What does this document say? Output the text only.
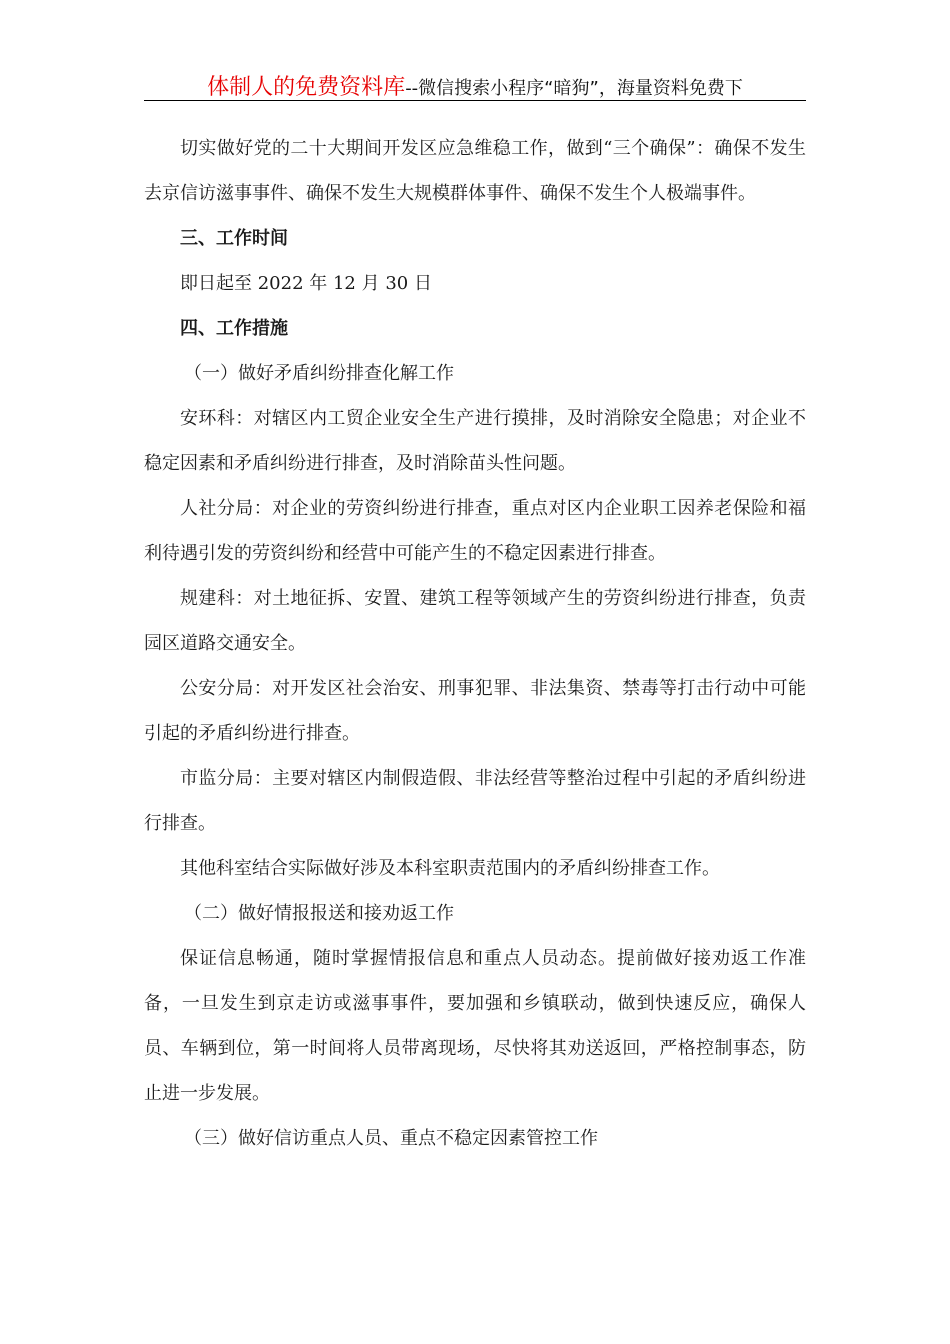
体制人的免费资料库--微信搜索小程序“暗狗”，海量资料免费下

切实做好党的二十大期间开发区应急维稳工作，做到“三个确保”：确保不发生去京信访滋事事件、确保不发生大规模群体事件、确保不发生个人极端事件。

三、工作时间

即日起至 2022 年 12 月 30 日

四、工作措施

（一）做好矛盾纠纷排查化解工作

安环科：对辖区内工贸企业安全生产进行摸排，及时消除安全隐患；对企业不稳定因素和矛盾纠纷进行排查，及时消除苗头性问题。

人社分局：对企业的劳资纠纷进行排查，重点对区内企业职工因养老保险和福利待遇引发的劳资纠纷和经营中可能产生的不稳定因素进行排查。

规建科：对土地征拆、安置、建筑工程等领域产生的劳资纠纷进行排查，负责园区道路交通安全。

公安分局：对开发区社会治安、刑事犯罪、非法集资、禁毒等打击行动中可能引起的矛盾纠纷进行排查。

市监分局：主要对辖区内制假造假、非法经营等整治过程中引起的矛盾纠纷进行排查。

其他科室结合实际做好涉及本科室职责范围内的矛盾纠纷排查工作。

（二）做好情报报送和接劝返工作

保证信息畅通，随时掌握情报信息和重点人员动态。提前做好接劝返工作准备，一旦发生到京走访或滋事事件，要加强和乡镇联动，做到快速反应，确保人员、车辆到位，第一时间将人员带离现场，尽快将其劝送返回，严格控制事态，防止进一步发展。

（三）做好信访重点人员、重点不稳定因素管控工作
